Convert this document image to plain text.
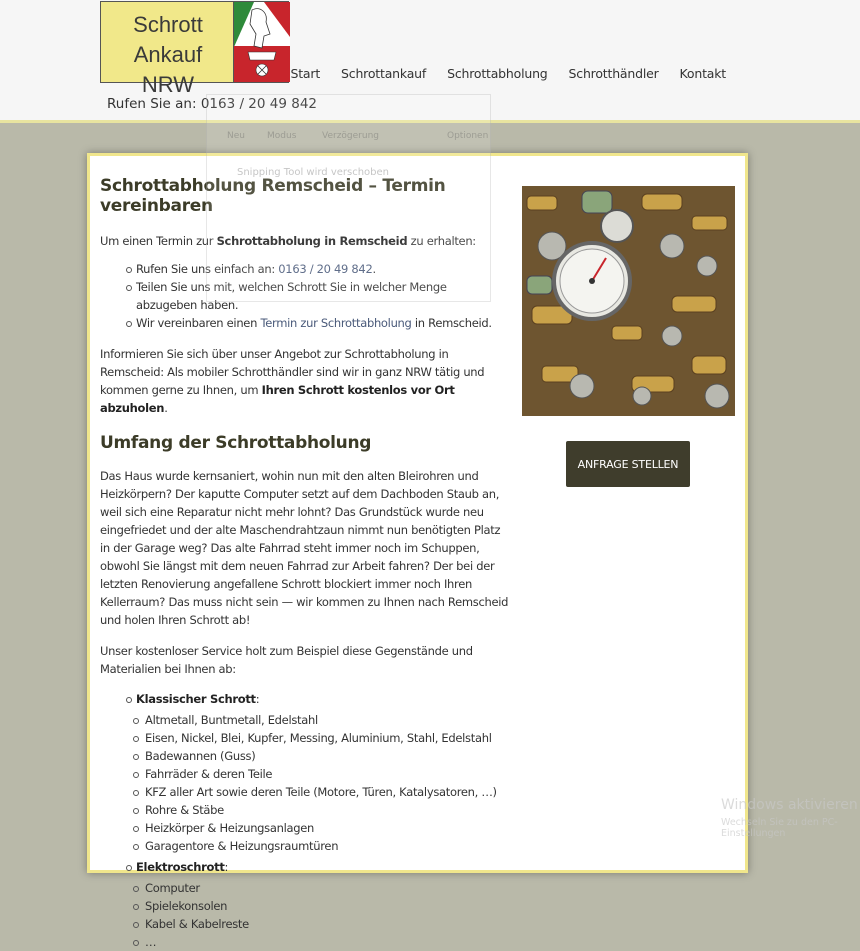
Schrott Ankauf NRW	Start Schrottankauf Schrottabholung Schrotthändler Kontakt
Rufen Sie an: 0163 / 20 49 842
Schrottabholung Remscheid – Termin vereinbaren

Um einen Termin zur Schrottabholung in Remscheid zu erhalten:

Rufen Sie uns einfach an: 0163 / 20 49 842.
Teilen Sie uns mit, welchen Schrott Sie in welcher Menge abzugeben haben.
Wir vereinbaren einen Termin zur Schrottabholung in Remscheid.

Informieren Sie sich über unser Angebot zur Schrottabholung in Remscheid: Als mobiler Schrotthändler sind wir in ganz NRW tätig und kommen gerne zu Ihnen, um Ihren Schrott kostenlos vor Ort abzuholen.

Umfang der Schrottabholung

Das Haus wurde kernsaniert, wohin nun mit den alten Bleirohren und Heizkörpern? Der kaputte Computer setzt auf dem Dachboden Staub an, weil sich eine Reparatur nicht mehr lohnt? Das Grundstück wurde neu eingefriedet und der alte Maschendrahtzaun nimmt nun benötigten Platz in der Garage weg? Das alte Fahrrad steht immer noch im Schuppen, obwohl Sie längst mit dem neuen Fahrrad zur Arbeit fahren? Der bei der letzten Renovierung angefallene Schrott blockiert immer noch Ihren Kellerraum? Das muss nicht sein — wir kommen zu Ihnen nach Remscheid und holen Ihren Schrott ab!

Unser kostenloser Service holt zum Beispiel diese Gegenstände und Materialien bei Ihnen ab:

Klassischer Schrott:
Altmetall, Buntmetall, Edelstahl
Eisen, Nickel, Blei, Kupfer, Messing, Aluminium, Stahl, Edelstahl
Badewannen (Guss)
Fahrräder & deren Teile
KFZ aller Art sowie deren Teile (Motore, Türen, Katalysatoren, …)
Rohre & Stäbe
Heizkörper & Heizungsanlagen
Garagentore & Heizungsraumtüren
Elektroschrott:
Computer
Spielekonsolen
Kabel & Kabelreste
…
ANFRAGE STELLEN
Neu Modus	Verzögerung	Optionen
Snipping Tool wird verschoben
Windows aktivieren
Wechseln Sie zu den PC-Einstellungen
